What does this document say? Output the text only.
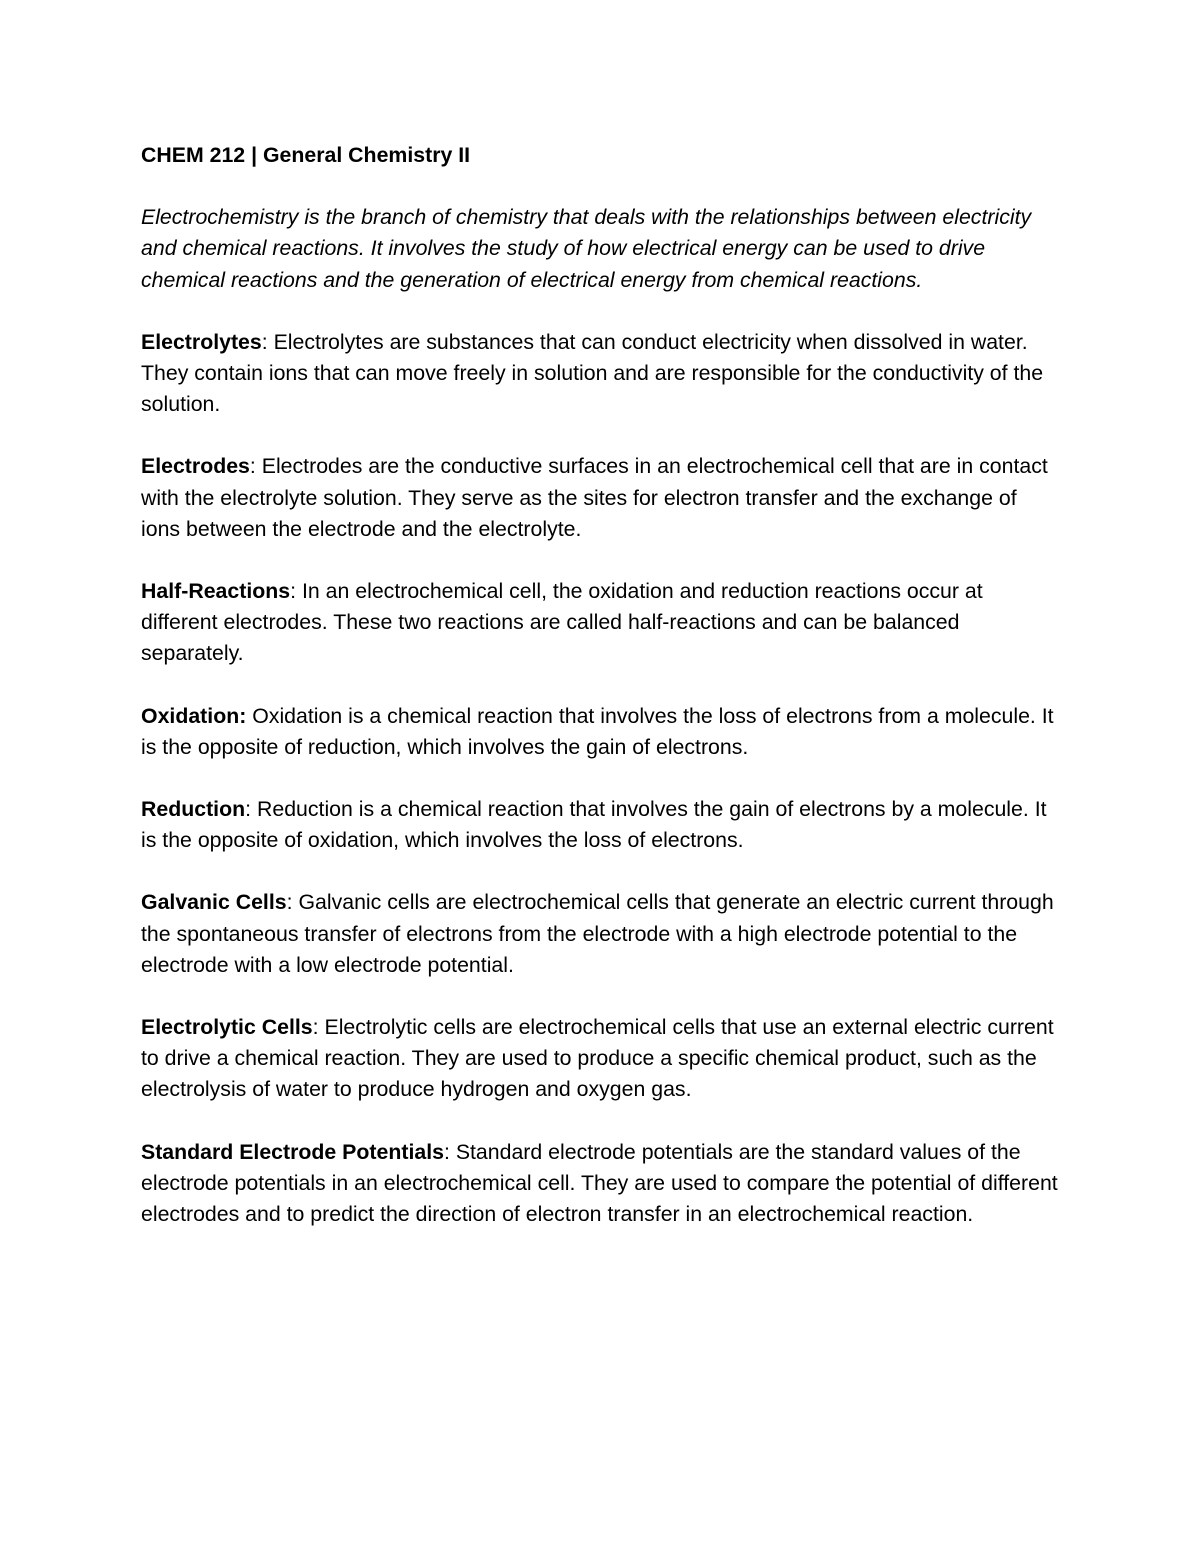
CHEM 212 | General Chemistry II
Electrochemistry is the branch of chemistry that deals with the relationships between electricity and chemical reactions. It involves the study of how electrical energy can be used to drive chemical reactions and the generation of electrical energy from chemical reactions.
Electrolytes: Electrolytes are substances that can conduct electricity when dissolved in water. They contain ions that can move freely in solution and are responsible for the conductivity of the solution.
Electrodes: Electrodes are the conductive surfaces in an electrochemical cell that are in contact with the electrolyte solution. They serve as the sites for electron transfer and the exchange of ions between the electrode and the electrolyte.
Half-Reactions: In an electrochemical cell, the oxidation and reduction reactions occur at different electrodes. These two reactions are called half-reactions and can be balanced separately.
Oxidation: Oxidation is a chemical reaction that involves the loss of electrons from a molecule. It is the opposite of reduction, which involves the gain of electrons.
Reduction: Reduction is a chemical reaction that involves the gain of electrons by a molecule. It is the opposite of oxidation, which involves the loss of electrons.
Galvanic Cells: Galvanic cells are electrochemical cells that generate an electric current through the spontaneous transfer of electrons from the electrode with a high electrode potential to the electrode with a low electrode potential.
Electrolytic Cells: Electrolytic cells are electrochemical cells that use an external electric current to drive a chemical reaction. They are used to produce a specific chemical product, such as the electrolysis of water to produce hydrogen and oxygen gas.
Standard Electrode Potentials: Standard electrode potentials are the standard values of the electrode potentials in an electrochemical cell. They are used to compare the potential of different electrodes and to predict the direction of electron transfer in an electrochemical reaction.
